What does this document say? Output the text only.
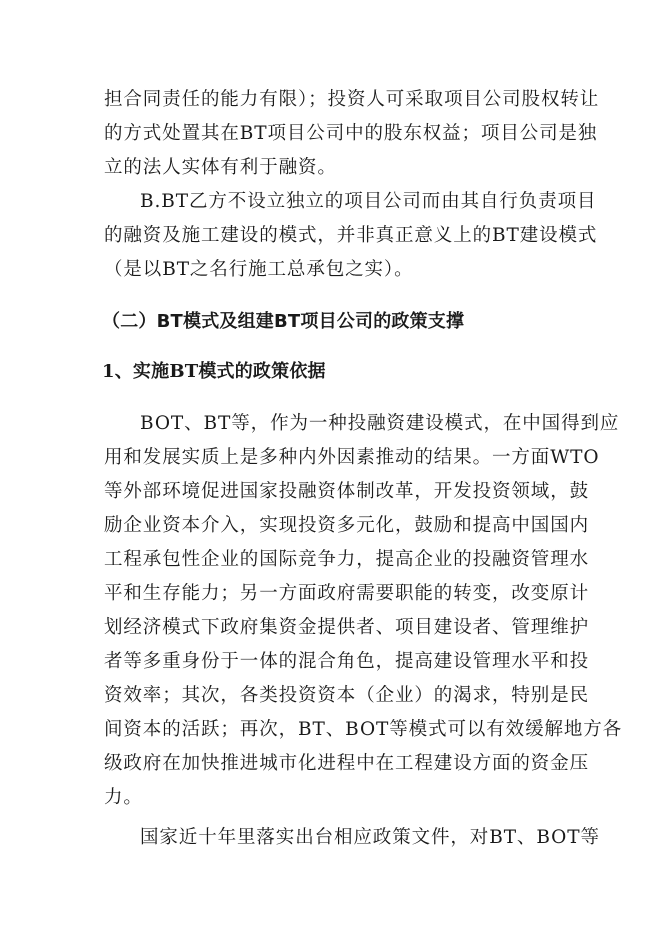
担合同责任的能力有限）；投资人可采取项目公司股权转让
的方式处置其在BT项目公司中的股东权益；项目公司是独
立的法人实体有利于融资。
B.BT乙方不设立独立的项目公司而由其自行负责项目
的融资及施工建设的模式，并非真正意义上的BT建设模式
（是以BT之名行施工总承包之实）。
（二）BT模式及组建BT项目公司的政策支撑
1、实施BT模式的政策依据
BOT、BT等，作为一种投融资建设模式，在中国得到应
用和发展实质上是多种内外因素推动的结果。一方面WTO
等外部环境促进国家投融资体制改革，开发投资领域，鼓
励企业资本介入，实现投资多元化，鼓励和提高中国国内
工程承包性企业的国际竞争力，提高企业的投融资管理水
平和生存能力；另一方面政府需要职能的转变，改变原计
划经济模式下政府集资金提供者、项目建设者、管理维护
者等多重身份于一体的混合角色，提高建设管理水平和投
资效率；其次，各类投资资本（企业）的渴求，特别是民
间资本的活跃；再次，BT、BOT等模式可以有效缓解地方各
级政府在加快推进城市化进程中在工程建设方面的资金压
力。
国家近十年里落实出台相应政策文件，对BT、BOT等
